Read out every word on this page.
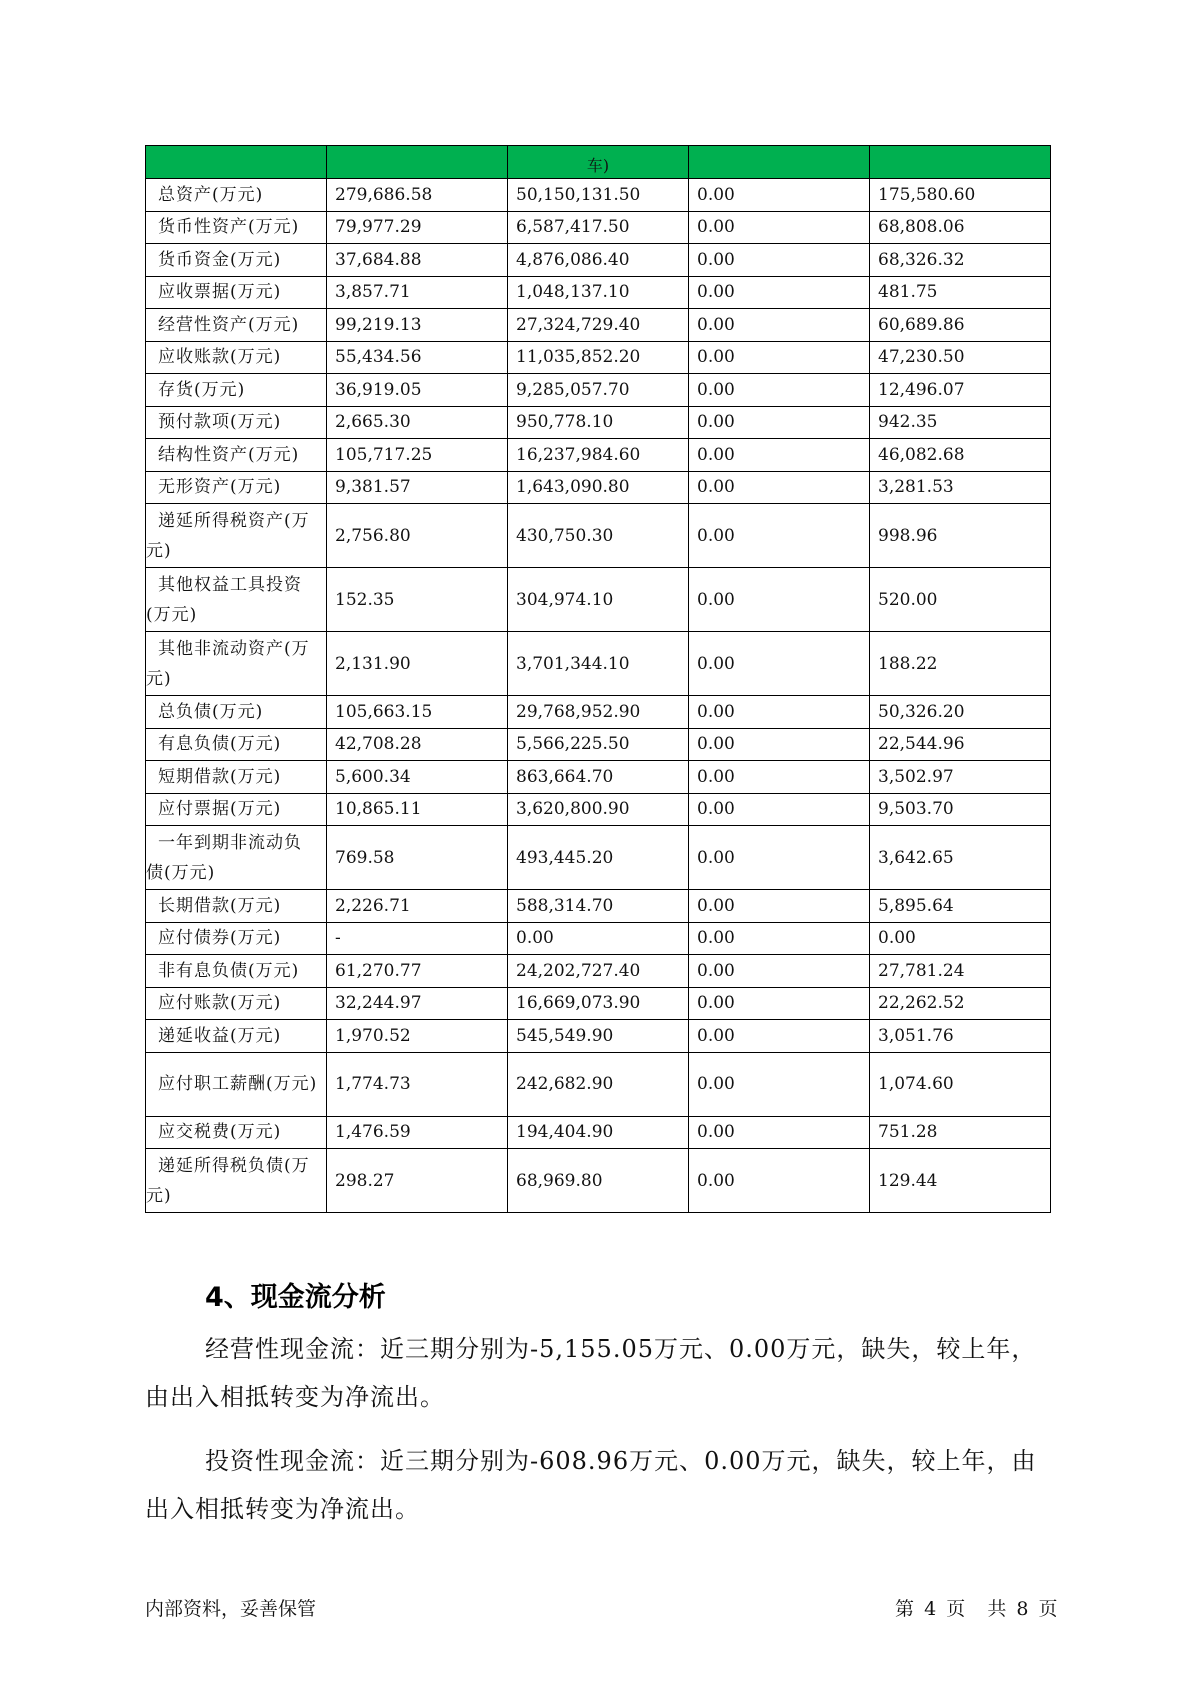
		车)		
总资产(万元)	279,686.58	50,150,131.50	0.00	175,580.60
货币性资产(万元)	79,977.29	6,587,417.50	0.00	68,808.06
货币资金(万元)	37,684.88	4,876,086.40	0.00	68,326.32
应收票据(万元)	3,857.71	1,048,137.10	0.00	481.75
经营性资产(万元)	99,219.13	27,324,729.40	0.00	60,689.86
应收账款(万元)	55,434.56	11,035,852.20	0.00	47,230.50
存货(万元)	36,919.05	9,285,057.70	0.00	12,496.07
预付款项(万元)	2,665.30	950,778.10	0.00	942.35
结构性资产(万元)	105,717.25	16,237,984.60	0.00	46,082.68
无形资产(万元)	9,381.57	1,643,090.80	0.00	3,281.53
递延所得税资产(万元)	2,756.80	430,750.30	0.00	998.96
其他权益工具投资(万元)	152.35	304,974.10	0.00	520.00
其他非流动资产(万元)	2,131.90	3,701,344.10	0.00	188.22
总负债(万元)	105,663.15	29,768,952.90	0.00	50,326.20
有息负债(万元)	42,708.28	5,566,225.50	0.00	22,544.96
短期借款(万元)	5,600.34	863,664.70	0.00	3,502.97
应付票据(万元)	10,865.11	3,620,800.90	0.00	9,503.70
一年到期非流动负债(万元)	769.58	493,445.20	0.00	3,642.65
长期借款(万元)	2,226.71	588,314.70	0.00	5,895.64
应付债券(万元)	-	0.00	0.00	0.00
非有息负债(万元)	61,270.77	24,202,727.40	0.00	27,781.24
应付账款(万元)	32,244.97	16,669,073.90	0.00	22,262.52
递延收益(万元)	1,970.52	545,549.90	0.00	3,051.76
应付职工薪酬(万元)	1,774.73	242,682.90	0.00	1,074.60
应交税费(万元)	1,476.59	194,404.90	0.00	751.28
递延所得税负债(万元)	298.27	68,969.80	0.00	129.44
4、现金流分析
经营性现金流：近三期分别为-5,155.05万元、0.00万元，缺失，较上年，由出入相抵转变为净流出。
投资性现金流：近三期分别为-608.96万元、0.00万元，缺失，较上年，由出入相抵转变为净流出。
内部资料，妥善保管	第 4 页 共 8 页
